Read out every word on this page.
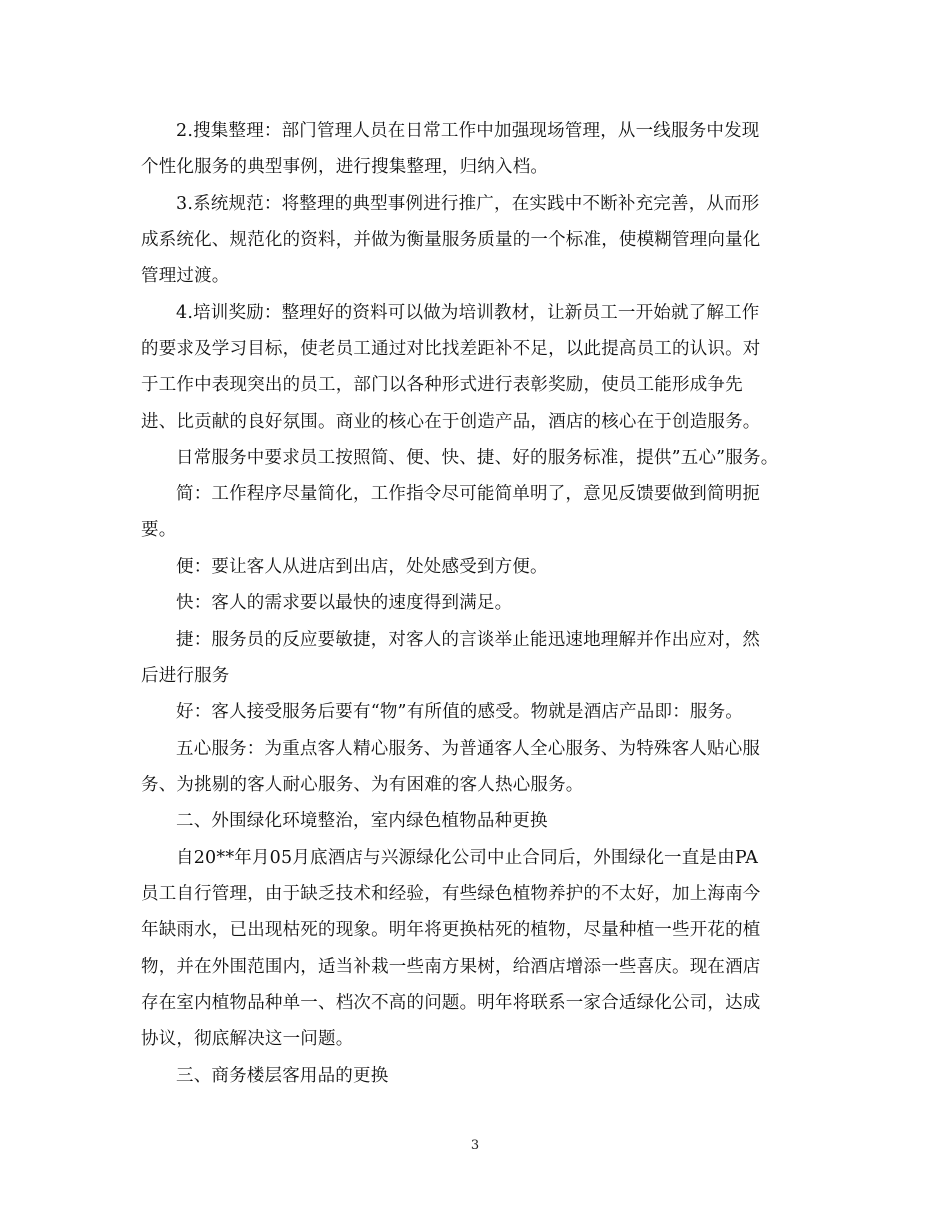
2.搜集整理：部门管理人员在日常工作中加强现场管理，从一线服务中发现
个性化服务的典型事例，进行搜集整理，归纳入档。
3.系统规范：将整理的典型事例进行推广，在实践中不断补充完善，从而形
成系统化、规范化的资料，并做为衡量服务质量的一个标准，使模糊管理向量化
管理过渡。
4.培训奖励：整理好的资料可以做为培训教材，让新员工一开始就了解工作
的要求及学习目标，使老员工通过对比找差距补不足，以此提高员工的认识。对
于工作中表现突出的员工，部门以各种形式进行表彰奖励，使员工能形成争先
进、比贡献的良好氛围。商业的核心在于创造产品，酒店的核心在于创造服务。
日常服务中要求员工按照简、便、快、捷、好的服务标准，提供”五心”服务。
简：工作程序尽量简化，工作指令尽可能简单明了，意见反馈要做到简明扼
要。
便：要让客人从进店到出店，处处感受到方便。
快：客人的需求要以最快的速度得到满足。
捷：服务员的反应要敏捷，对客人的言谈举止能迅速地理解并作出应对，然
后进行服务
好：客人接受服务后要有“物”有所值的感受。物就是酒店产品即：服务。
五心服务：为重点客人精心服务、为普通客人全心服务、为特殊客人贴心服
务、为挑剔的客人耐心服务、为有困难的客人热心服务。
二、外围绿化环境整治，室内绿色植物品种更换
自20**年月05月底酒店与兴源绿化公司中止合同后，外围绿化一直是由PA
员工自行管理，由于缺乏技术和经验，有些绿色植物养护的不太好，加上海南今
年缺雨水，已出现枯死的现象。明年将更换枯死的植物，尽量种植一些开花的植
物，并在外围范围内，适当补栽一些南方果树，给酒店增添一些喜庆。现在酒店
存在室内植物品种单一、档次不高的问题。明年将联系一家合适绿化公司，达成
协议，彻底解决这一问题。
三、商务楼层客用品的更换
3
